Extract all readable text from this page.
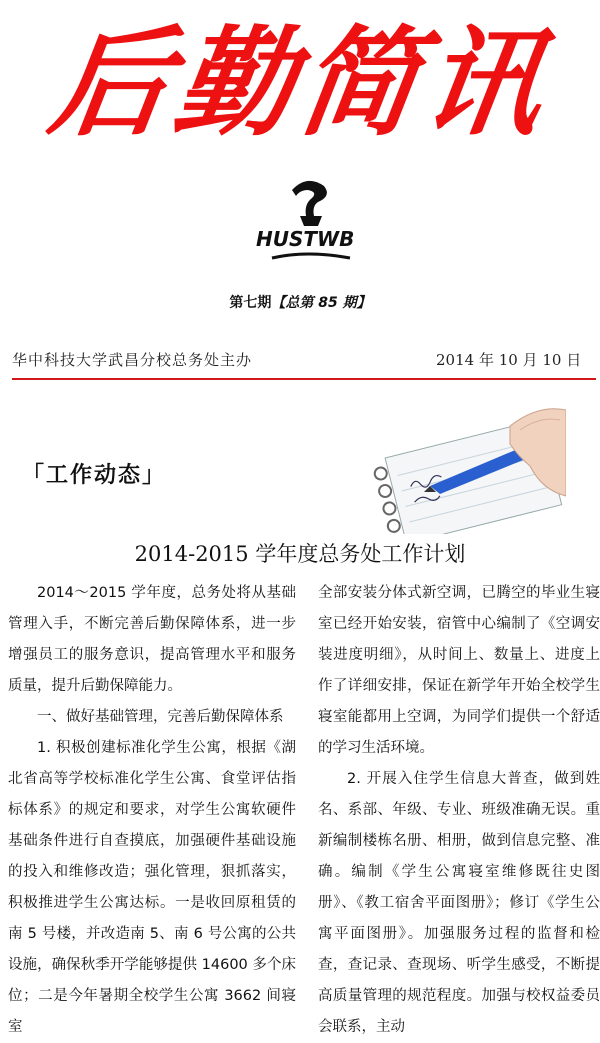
后勤简讯
HUSTWB
第七期【总第 85 期】
华中科技大学武昌分校总务处主办	2014 年 10 月 10 日
「工作动态」
2014-2015 学年度总务处工作计划

2014～2015 学年度，总务处将从基础管理入手，不断完善后勤保障体系，进一步增强员工的服务意识，提高管理水平和服务质量，提升后勤保障能力。

一、做好基础管理，完善后勤保障体系

1. 积极创建标准化学生公寓，根据《湖北省高等学校标准化学生公寓、食堂评估指标体系》的规定和要求，对学生公寓软硬件基础条件进行自查摸底，加强硬件基础设施的投入和维修改造；强化管理，狠抓落实，积极推进学生公寓达标。一是收回原租赁的南 5 号楼，并改造南 5、南 6 号公寓的公共设施，确保秋季开学能够提供 14600 多个床位；二是今年暑期全校学生公寓 3662 间寝室

全部安装分体式新空调，已腾空的毕业生寝室已经开始安装，宿管中心编制了《空调安装进度明细》，从时间上、数量上、进度上作了详细安排，保证在新学年开始全校学生寝室能都用上空调，为同学们提供一个舒适的学习生活环境。

2. 开展入住学生信息大普查，做到姓名、系部、年级、专业、班级准确无误。重新编制楼栋名册、相册，做到信息完整、准确。编制《学生公寓寝室维修既往史图册》、《教工宿舍平面图册》；修订《学生公寓平面图册》。加强服务过程的监督和检查，查记录、查现场、听学生感受，不断提高质量管理的规范程度。加强与校权益委员会联系，主动
